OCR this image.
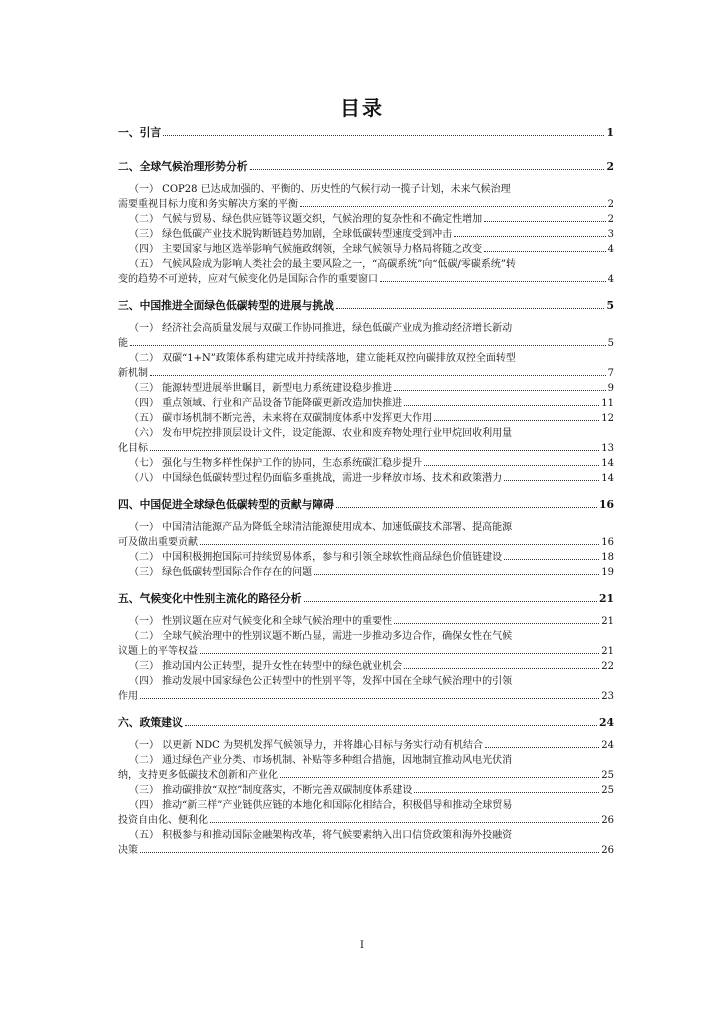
目录
一、引言	1
二、全球气候治理形势分析	2
（一） COP28 已达成加强的、平衡的、历史性的气候行动一揽子计划，未来气候治理
需要重视目标力度和务实解决方案的平衡	2
（二） 气候与贸易、绿色供应链等议题交织，气候治理的复杂性和不确定性增加	2
（三） 绿色低碳产业技术脱钩断链趋势加剧，全球低碳转型速度受到冲击	3
（四） 主要国家与地区选举影响气候施政纲领，全球气候领导力格局将随之改变	4
（五） 气候风险成为影响人类社会的最主要风险之一，“高碳系统”向“低碳/零碳系统”转
变的趋势不可逆转，应对气候变化仍是国际合作的重要窗口	4
三、中国推进全面绿色低碳转型的进展与挑战	5
（一） 经济社会高质量发展与双碳工作协同推进，绿色低碳产业成为推动经济增长新动
能	5
（二） 双碳“1+N”政策体系构建完成并持续落地，建立能耗双控向碳排放双控全面转型
新机制	7
（三） 能源转型进展举世瞩目，新型电力系统建设稳步推进	9
（四） 重点领域、行业和产品设备节能降碳更新改造加快推进	11
（五） 碳市场机制不断完善，未来将在双碳制度体系中发挥更大作用	12
（六） 发布甲烷控排顶层设计文件，设定能源、农业和废弃物处理行业甲烷回收利用量
化目标	13
（七） 强化与生物多样性保护工作的协同，生态系统碳汇稳步提升	14
（八） 中国绿色低碳转型过程仍面临多重挑战，需进一步释放市场、技术和政策潜力	14
四、中国促进全球绿色低碳转型的贡献与障碍	16
（一） 中国清洁能源产品为降低全球清洁能源使用成本、加速低碳技术部署、提高能源
可及做出重要贡献	16
（二） 中国积极拥抱国际可持续贸易体系，参与和引领全球软性商品绿色价值链建设	18
（三） 绿色低碳转型国际合作存在的问题	19
五、气候变化中性别主流化的路径分析	21
（一） 性别议题在应对气候变化和全球气候治理中的重要性	21
（二） 全球气候治理中的性别议题不断凸显，需进一步推动多边合作，确保女性在气候
议题上的平等权益	21
（三） 推动国内公正转型，提升女性在转型中的绿色就业机会	22
（四） 推动发展中国家绿色公正转型中的性别平等，发挥中国在全球气候治理中的引领
作用	23
六、政策建议	24
（一） 以更新 NDC 为契机发挥气候领导力，并将雄心目标与务实行动有机结合	24
（二） 通过绿色产业分类、市场机制、补贴等多种组合措施，因地制宜推动风电光伏消
纳，支持更多低碳技术创新和产业化	25
（三） 推动碳排放“双控”制度落实，不断完善双碳制度体系建设	25
（四） 推动“新三样”产业链供应链的本地化和国际化相结合，积极倡导和推动全球贸易
投资自由化、便利化	26
（五） 积极参与和推动国际金融架构改革，将气候要素纳入出口信贷政策和海外投融资
决策	26
I
